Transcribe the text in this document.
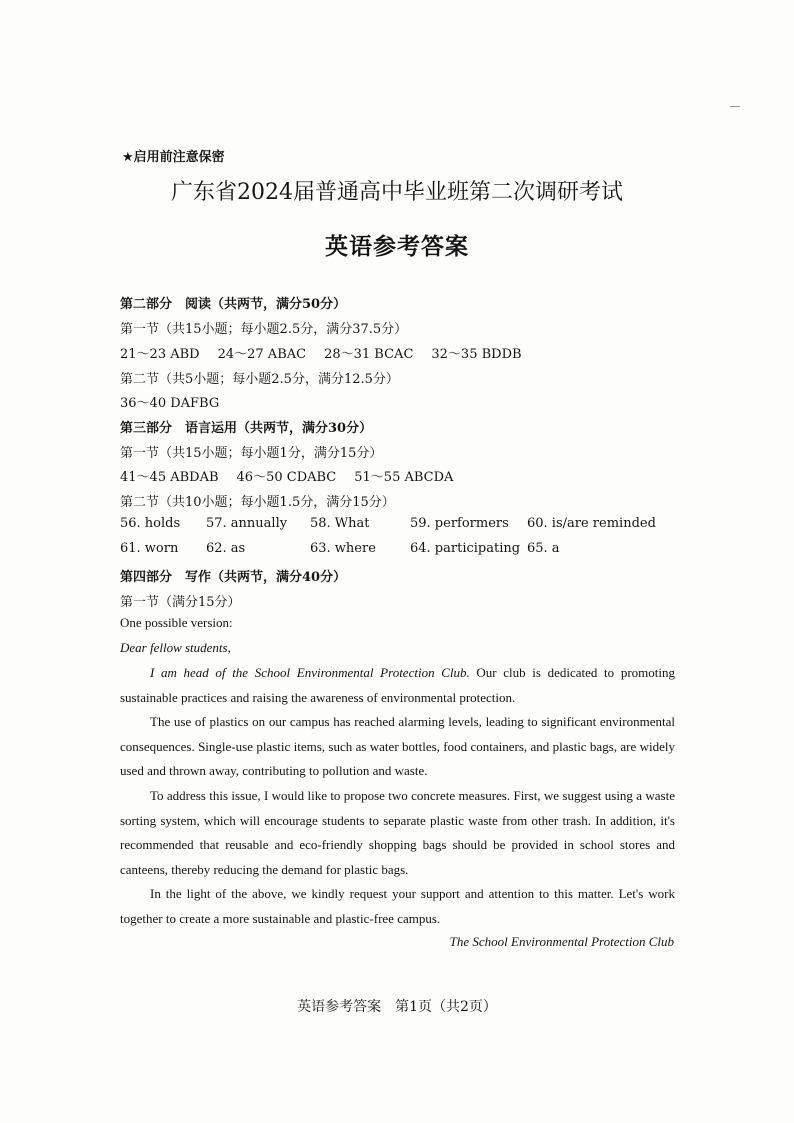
★启用前注意保密
广东省2024届普通高中毕业班第二次调研考试
英语参考答案
第二部分　阅读（共两节，满分50分）
第一节（共15小题；每小题2.5分，满分37.5分）
21～23 ABD 24～27 ABAC 28～31 BCAC 32～35 BDDB
第二节（共5小题；每小题2.5分，满分12.5分）
36～40 DAFBG
第三部分　语言运用（共两节，满分30分）
第一节（共15小题；每小题1分，满分15分）
41～45 ABDAB 46～50 CDABC 51～55 ABCDA
第二节（共10小题；每小题1.5分，满分15分）
56. holds 57. annually 58. What	59. performers 60. is/are reminded
61. worn 62. as	63. where	64. participating 65. a
第四部分　写作（共两节，满分40分）
第一节（满分15分）
One possible version:
Dear fellow students,
I am head of the School Environmental Protection Club. Our club is dedicated to promoting sustainable practices and raising the awareness of environmental protection.
The use of plastics on our campus has reached alarming levels, leading to significant environmental consequences. Single-use plastic items, such as water bottles, food containers, and plastic bags, are widely used and thrown away, contributing to pollution and waste.
To address this issue, I would like to propose two concrete measures. First, we suggest using a waste sorting system, which will encourage students to separate plastic waste from other trash. In addition, it's recommended that reusable and eco-friendly shopping bags should be provided in school stores and canteens, thereby reducing the demand for plastic bags.
In the light of the above, we kindly request your support and attention to this matter. Let's work together to create a more sustainable and plastic-free campus.
The School Environmental Protection Club
英语参考答案　第1页（共2页）
